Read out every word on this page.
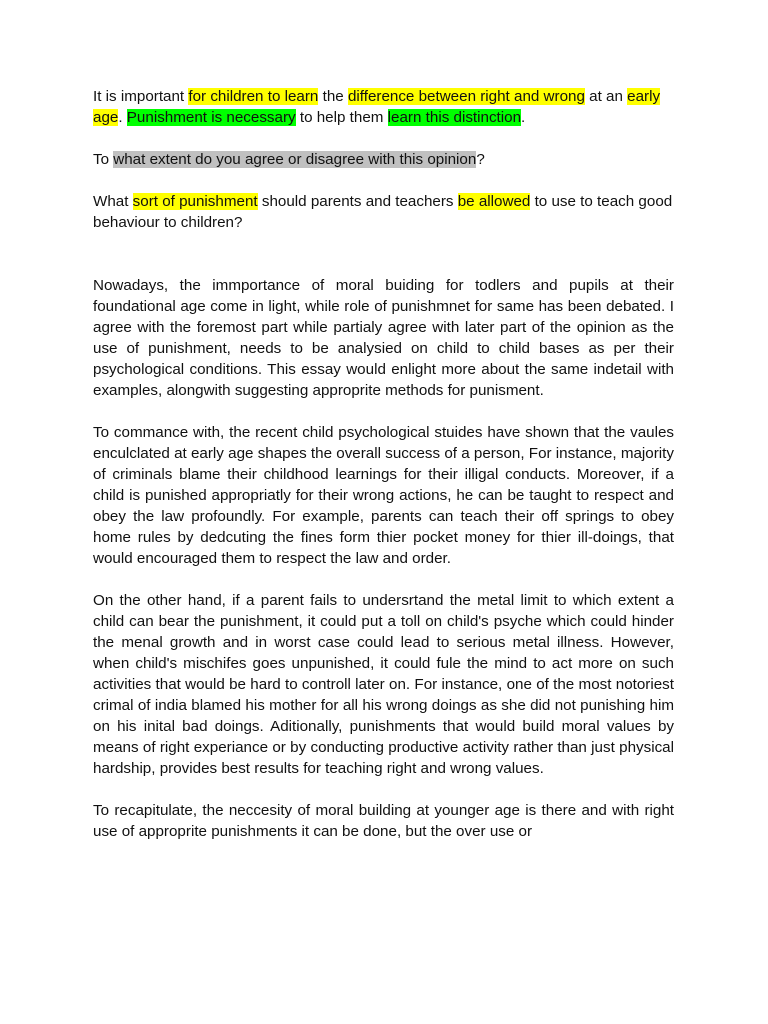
It is important for children to learn the difference between right and wrong at an early age. Punishment is necessary to help them learn this distinction.

To what extent do you agree or disagree with this opinion?

What sort of punishment should parents and teachers be allowed to use to teach good behaviour to children?

Nowadays, the immportance of moral buiding for todlers and pupils at their foundational age come in light, while role of punishmnet for same has been debated. I agree with the foremost part while partialy agree with later part of the opinion as the use of punishment, needs to be analysied on child to child bases as per their psychological conditions. This essay would enlight more about the same indetail with examples, alongwith suggesting approprite methods for punisment.

To commance with, the recent child psychological stuides have shown that the vaules enculclated at early age shapes the overall success of a person, For instance, majority of criminals blame their childhood learnings for their illigal conducts. Moreover, if a child is punished appropriatly for their wrong actions, he can be taught to respect and obey the law profoundly. For example, parents can teach their off springs to obey home rules by dedcuting the fines form thier pocket money for thier ill-doings, that would encouraged them to respect the law and order.

On the other hand, if a parent fails to undersrtand the metal limit to which extent a child can bear the punishment, it could put a toll on child's psyche which could hinder the menal growth and in worst case could lead to serious metal illness. However, when child's mischifes goes unpunished, it could fule the mind to act more on such activities that would be hard to controll later on. For instance, one of the most notoriest crimal of india blamed his mother for all his wrong doings as she did not punishing him on his inital bad doings. Aditionally, punishments that would build moral values by means of right experiance or by conducting productive activity rather than just physical hardship, provides best results for teaching right and wrong values.

To recapitulate, the neccesity of moral building at younger age is there and with right use of approprite punishments it can be done, but the over use or
